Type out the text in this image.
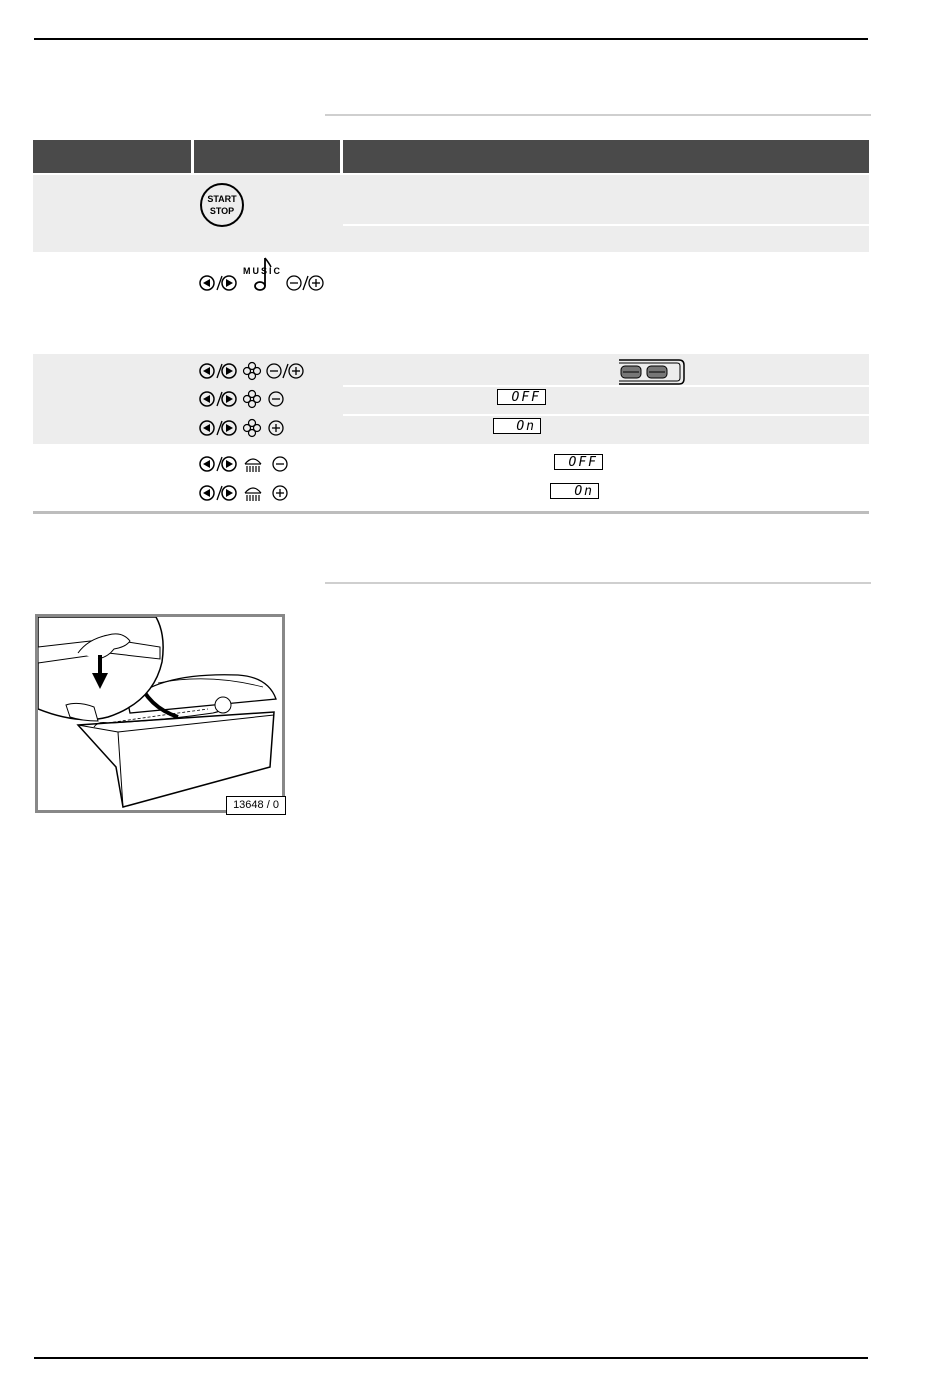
START
STOP
MUSIC
OFF
On
OFF
On
13648 / 0
